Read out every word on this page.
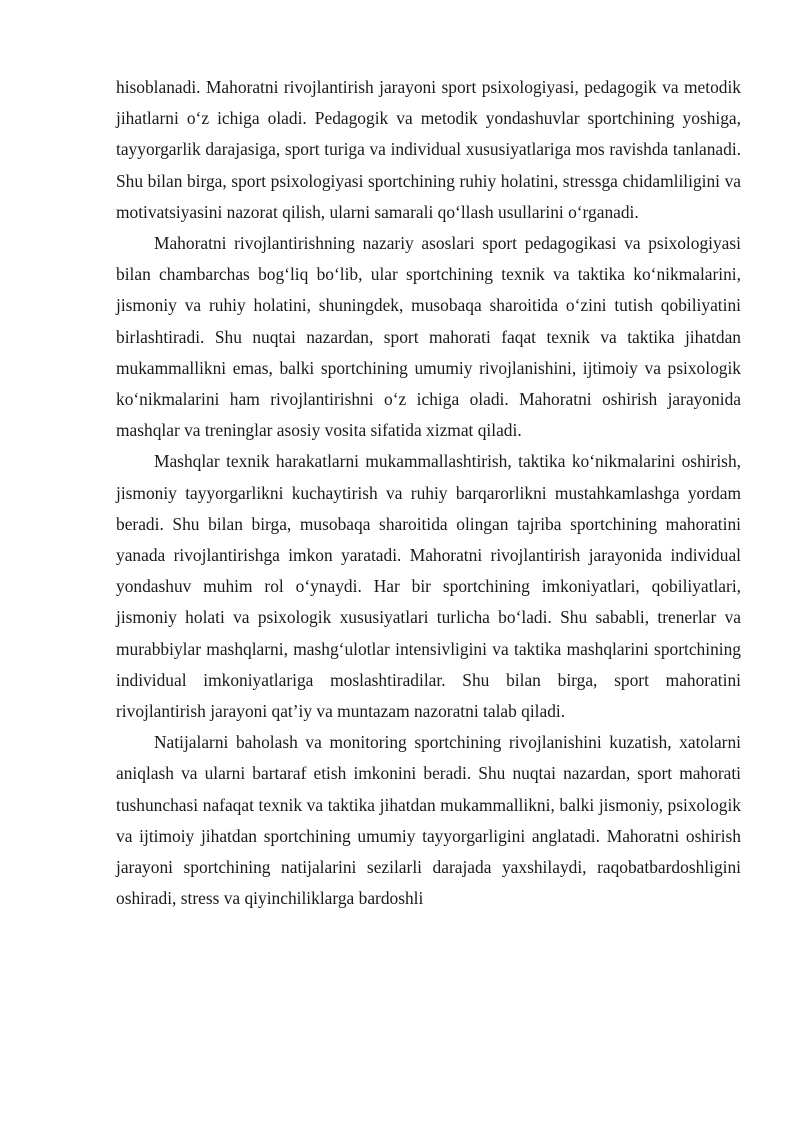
hisoblanadi. Mahoratni rivojlantirish jarayoni sport psixologiyasi, pedagogik va metodik jihatlarni o‘z ichiga oladi. Pedagogik va metodik yondashuvlar sportchining yoshiga, tayyorgarlik darajasiga, sport turiga va individual xususiyatlariga mos ravishda tanlanadi. Shu bilan birga, sport psixologiyasi sportchining ruhiy holatini, stressga chidamliligini va motivatsiyasini nazorat qilish, ularni samarali qo‘llash usullarini o‘rganadi.

Mahoratni rivojlantirishning nazariy asoslari sport pedagogikasi va psixologiyasi bilan chambarchas bog‘liq bo‘lib, ular sportchining texnik va taktika ko‘nikmalarini, jismoniy va ruhiy holatini, shuningdek, musobaqa sharoitida o‘zini tutish qobiliyatini birlashtiradi. Shu nuqtai nazardan, sport mahorati faqat texnik va taktika jihatdan mukammallikni emas, balki sportchining umumiy rivojlanishini, ijtimoiy va psixologik ko‘nikmalarini ham rivojlantirishni o‘z ichiga oladi. Mahoratni oshirish jarayonida mashqlar va treninglar asosiy vosita sifatida xizmat qiladi.

Mashqlar texnik harakatlarni mukammallashtirish, taktika ko‘nikmalarini oshirish, jismoniy tayyorgarlikni kuchaytirish va ruhiy barqarorlikni mustahkamlashga yordam beradi. Shu bilan birga, musobaqa sharoitida olingan tajriba sportchining mahoratini yanada rivojlantirishga imkon yaratadi. Mahoratni rivojlantirish jarayonida individual yondashuv muhim rol o‘ynaydi. Har bir sportchining imkoniyatlari, qobiliyatlari, jismoniy holati va psixologik xususiyatlari turlicha bo‘ladi. Shu sababli, trenerlar va murabbiylar mashqlarni, mashg‘ulotlar intensivligini va taktika mashqlarini sportchining individual imkoniyatlariga moslashtiradilar. Shu bilan birga, sport mahoratini rivojlantirish jarayoni qat’iy va muntazam nazoratni talab qiladi.

Natijalarni baholash va monitoring sportchining rivojlanishini kuzatish, xatolarni aniqlash va ularni bartaraf etish imkonini beradi. Shu nuqtai nazardan, sport mahorati tushunchasi nafaqat texnik va taktika jihatdan mukammallikni, balki jismoniy, psixologik va ijtimoiy jihatdan sportchining umumiy tayyorgarligini anglatadi. Mahoratni oshirish jarayoni sportchining natijalarini sezilarli darajada yaxshilaydi, raqobatbardoshligini oshiradi, stress va qiyinchiliklarga bardoshli
